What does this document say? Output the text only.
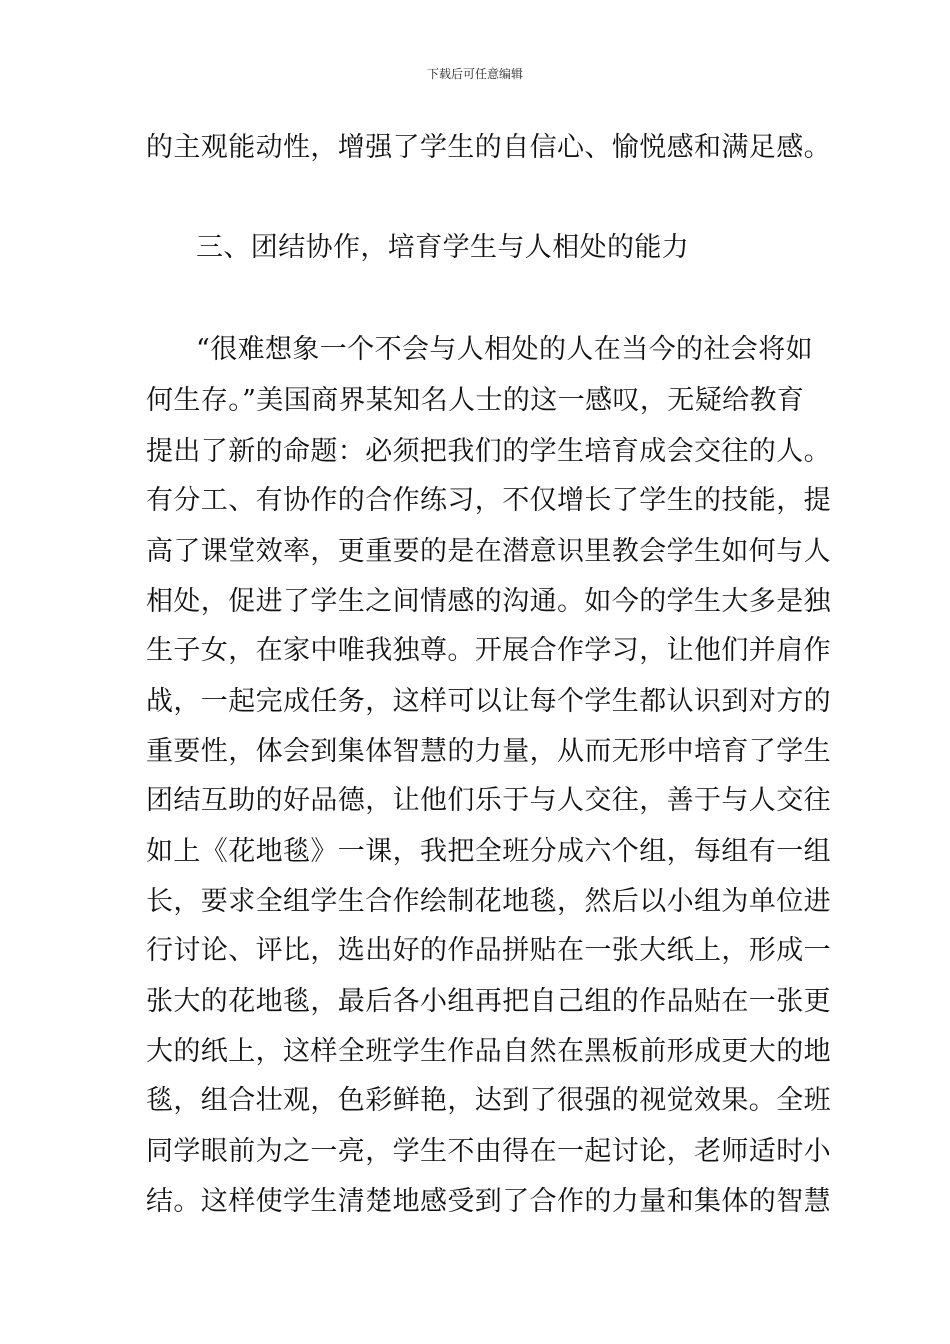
下载后可任意编辑
的主观能动性，增强了学生的自信心、愉悦感和满足感。
三、团结协作，培育学生与人相处的能力
“很难想象一个不会与人相处的人在当今的社会将如
何生存。”美国商界某知名人士的这一感叹，无疑给教育
提出了新的命题：必须把我们的学生培育成会交往的人。
有分工、有协作的合作练习，不仅增长了学生的技能，提
高了课堂效率，更重要的是在潜意识里教会学生如何与人
相处，促进了学生之间情感的沟通。如今的学生大多是独
生子女，在家中唯我独尊。开展合作学习，让他们并肩作
战，一起完成任务，这样可以让每个学生都认识到对方的
重要性，体会到集体智慧的力量，从而无形中培育了学生
团结互助的好品德，让他们乐于与人交往，善于与人交往
如上《花地毯》一课，我把全班分成六个组，每组有一组
长，要求全组学生合作绘制花地毯，然后以小组为单位进
行讨论、评比，选出好的作品拼贴在一张大纸上，形成一
张大的花地毯，最后各小组再把自己组的作品贴在一张更
大的纸上，这样全班学生作品自然在黑板前形成更大的地
毯，组合壮观，色彩鲜艳，达到了很强的视觉效果。全班
同学眼前为之一亮，学生不由得在一起讨论，老师适时小
结。这样使学生清楚地感受到了合作的力量和集体的智慧
